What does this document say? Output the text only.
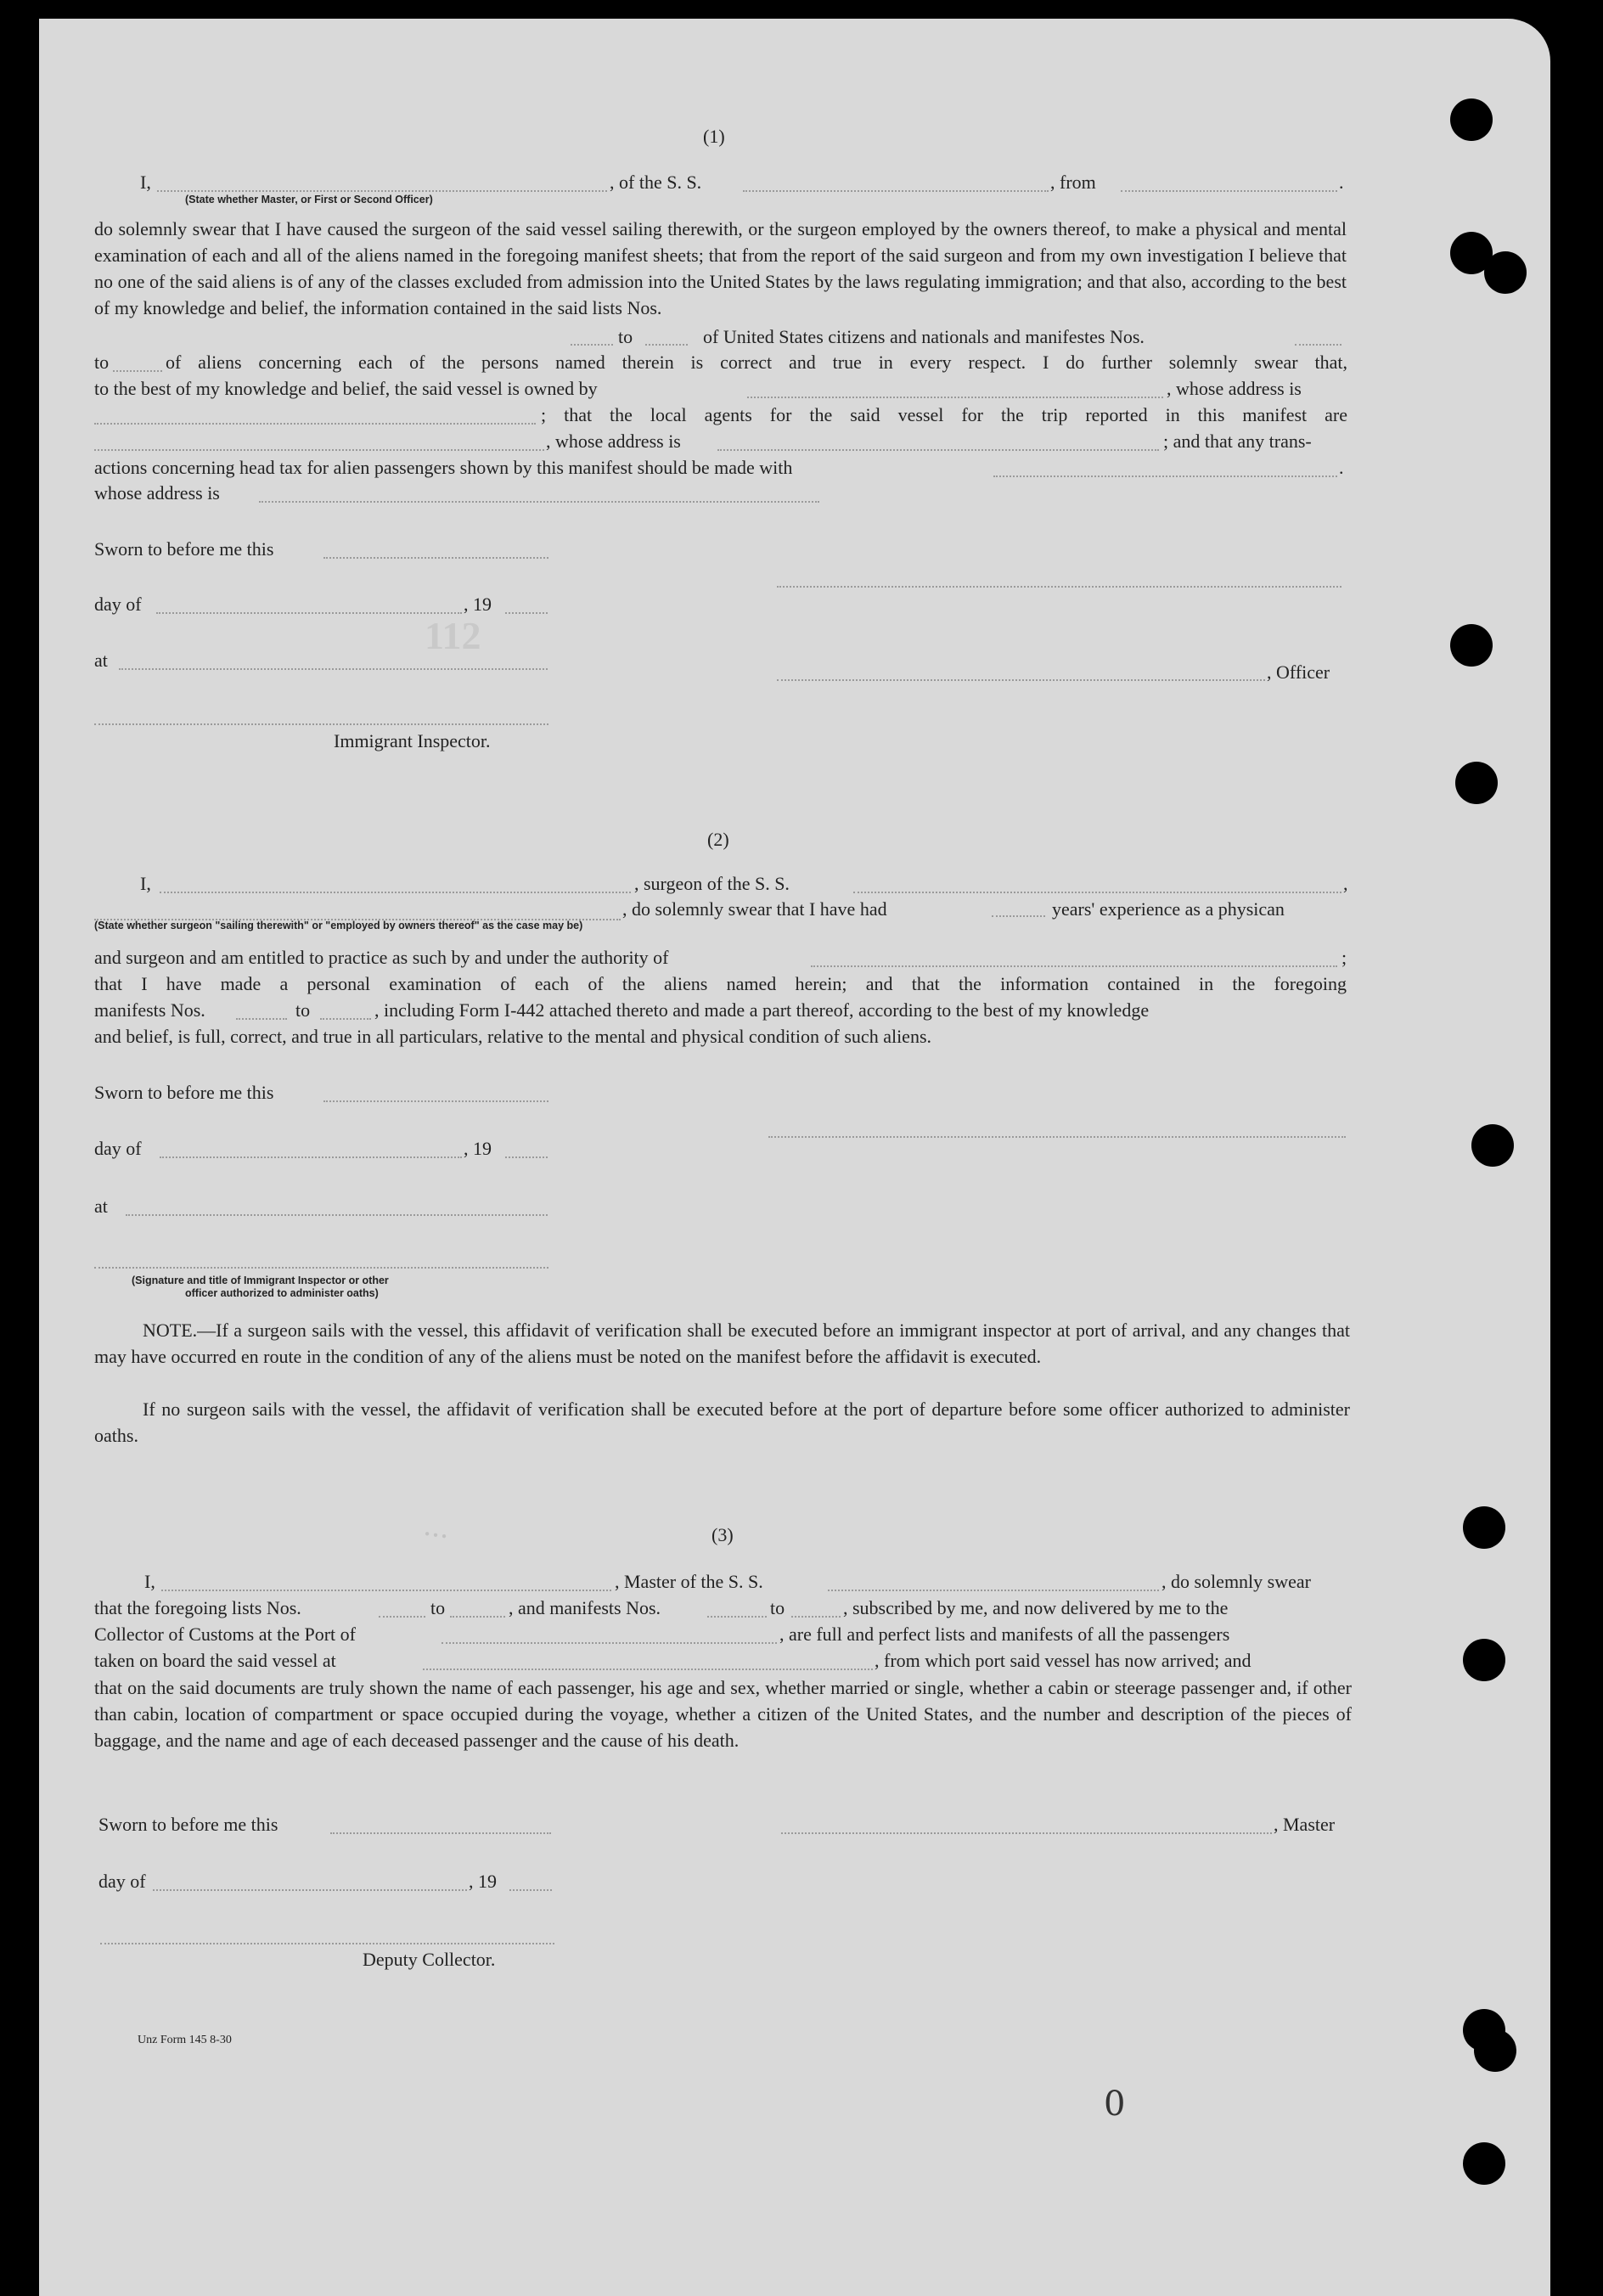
112
0
(1)
I,	, of the S. S.	, from	.
(State whether Master, or First or Second Officer)
do solemnly swear that I have caused the surgeon of the said vessel sailing therewith, or the surgeon employed by the owners thereof, to make a physical and mental examination of each and all of the aliens named in the foregoing manifest sheets; that from the report of the said surgeon and from my own investigation I believe that no one of the said aliens is of any of the classes excluded from admission into the United States by the laws regulating immigration; and that also, according to the best of my knowledge and belief, the information contained in the said lists Nos.
to	of United States citizens and nationals and manifestes Nos.
to	of aliens concerning each of the persons named therein is correct and true in every respect. I do further solemnly swear that,
to the best of my knowledge and belief, the said vessel is owned by	, whose address is
; that the local agents for the said vessel for the trip reported in this manifest are
, whose address is	; and that any trans-
actions concerning head tax for alien passengers shown by this manifest should be made with	.
whose address is
Sworn to before me this
day of	, 19
at
, Officer
Immigrant Inspector.
(2)
I,	, surgeon of the S. S.	,
, do solemnly swear that I have had	years' experience as a physican
(State whether surgeon "sailing therewith" or "employed by owners thereof" as the case may be)
and surgeon and am entitled to practice as such by and under the authority of	;
that I have made a personal examination of each of the aliens named herein; and that the information contained in the foregoing
manifests Nos.	to	, including Form I-442 attached thereto and made a part thereof, according to the best of my knowledge
and belief, is full, correct, and true in all particulars, relative to the mental and physical condition of such aliens.
Sworn to before me this
day of	, 19
at
(Signature and title of Immigrant Inspector or other
officer authorized to administer oaths)
NOTE.—If a surgeon sails with the vessel, this affidavit of verification shall be executed before an immigrant inspector at port of arrival, and any changes that may have occurred en route in the condition of any of the aliens must be noted on the manifest before the affidavit is executed.
If no surgeon sails with the vessel, the affidavit of verification shall be executed before at the port of departure before some officer authorized to administer oaths.
(3)
• • •
I,	, Master of the S. S.	, do solemnly swear
that the foregoing lists Nos.	to	, and manifests Nos.	to	, subscribed by me, and now delivered by me to the
Collector of Customs at the Port of	, are full and perfect lists and manifests of all the passengers
taken on board the said vessel at	, from which port said vessel has now arrived; and
that on the said documents are truly shown the name of each passenger, his age and sex, whether married or single, whether a cabin or steerage passenger and, if other than cabin, location of compartment or space occupied during the voyage, whether a citizen of the United States, and the number and description of the pieces of baggage, and the name and age of each deceased passenger and the cause of his death.
Sworn to before me this	, Master
day of	, 19
Deputy Collector.
Unz Form 145 8-30
